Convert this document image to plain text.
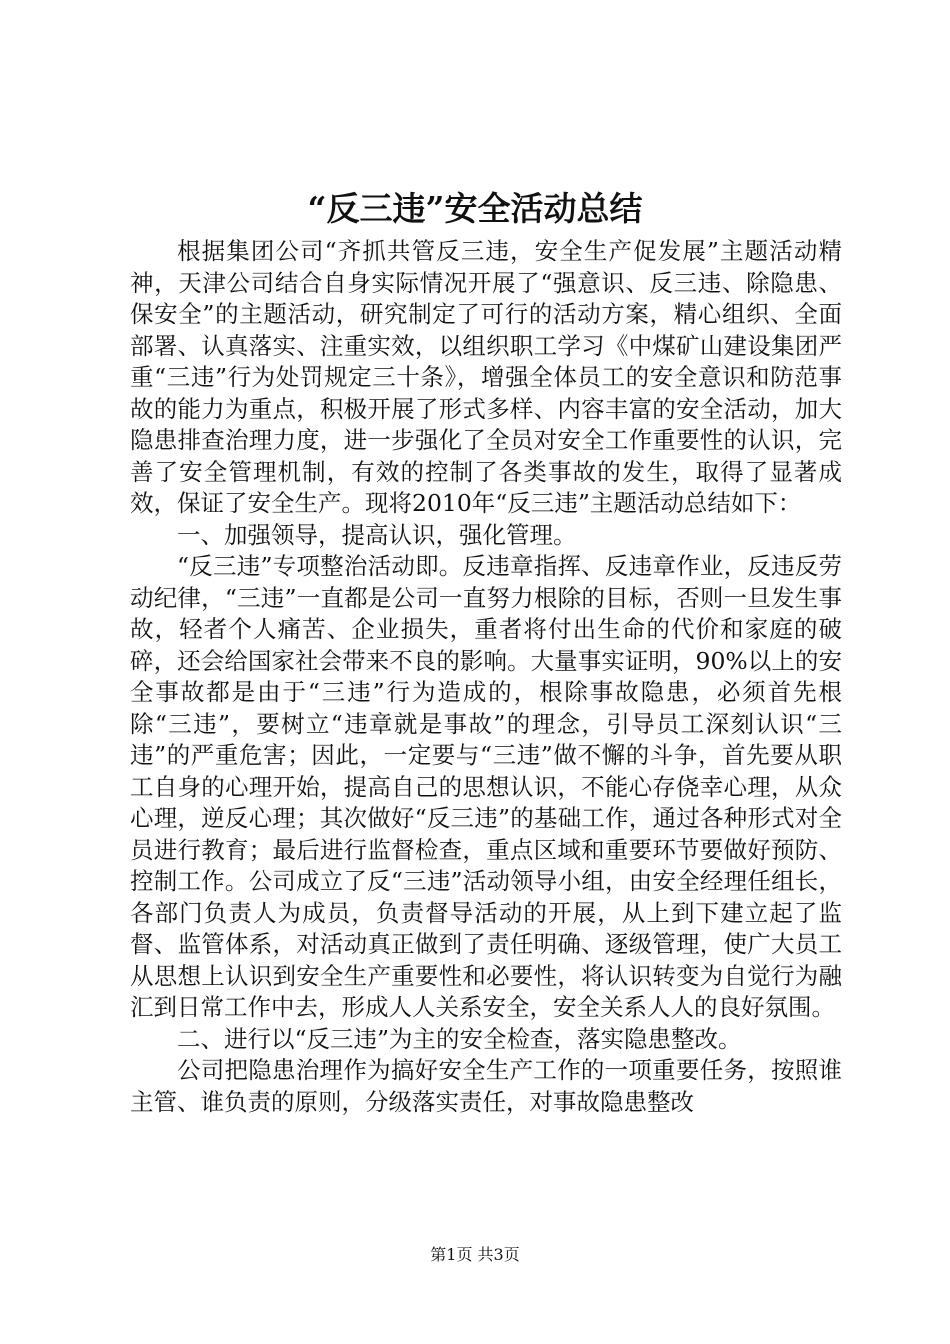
“反三违”安全活动总结

根据集团公司“齐抓共管反三违，安全生产促发展”主题活动精神，天津公司结合自身实际情况开展了“强意识、反三违、除隐患、保安全”的主题活动，研究制定了可行的活动方案，精心组织、全面部署、认真落实、注重实效，以组织职工学习《中煤矿山建设集团严重“三违”行为处罚规定三十条》，增强全体员工的安全意识和防范事故的能力为重点，积极开展了形式多样、内容丰富的安全活动，加大隐患排查治理力度，进一步强化了全员对安全工作重要性的认识，完善了安全管理机制，有效的控制了各类事故的发生，取得了显著成效，保证了安全生产。现将2010年“反三违”主题活动总结如下：

一、加强领导，提高认识，强化管理。

“反三违”专项整治活动即。反违章指挥、反违章作业，反违反劳动纪律，“三违”一直都是公司一直努力根除的目标，否则一旦发生事故，轻者个人痛苦、企业损失，重者将付出生命的代价和家庭的破碎，还会给国家社会带来不良的影响。大量事实证明，90%以上的安全事故都是由于“三违”行为造成的，根除事故隐患，必须首先根除“三违”，要树立“违章就是事故”的理念，引导员工深刻认识“三违”的严重危害；因此，一定要与“三违”做不懈的斗争，首先要从职工自身的心理开始，提高自己的思想认识，不能心存侥幸心理，从众心理，逆反心理；其次做好“反三违”的基础工作，通过各种形式对全员进行教育；最后进行监督检查，重点区域和重要环节要做好预防、控制工作。公司成立了反“三违”活动领导小组，由安全经理任组长，各部门负责人为成员，负责督导活动的开展，从上到下建立起了监督、监管体系，对活动真正做到了责任明确、逐级管理，使广大员工从思想上认识到安全生产重要性和必要性，将认识转变为自觉行为融汇到日常工作中去，形成人人关系安全，安全关系人人的良好氛围。

二、进行以“反三违”为主的安全检查，落实隐患整改。

公司把隐患治理作为搞好安全生产工作的一项重要任务，按照谁主管、谁负责的原则，分级落实责任，对事故隐患整改

第1页 共3页
